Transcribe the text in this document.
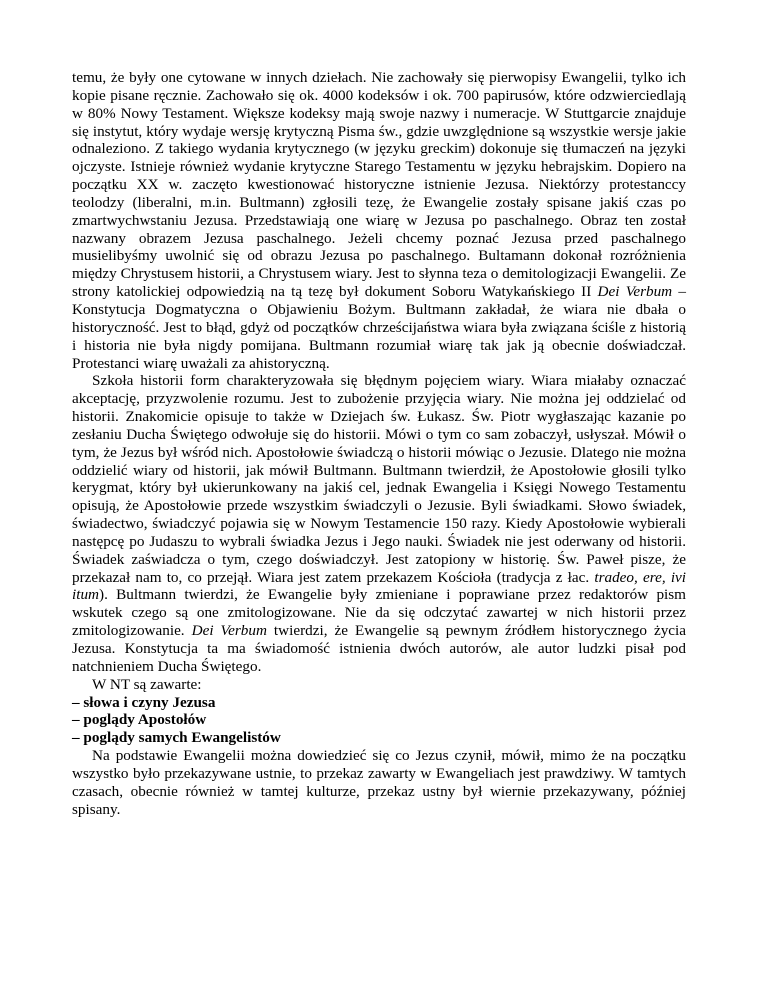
temu, że były one cytowane w innych dziełach. Nie zachowały się pierwopisy Ewangelii, tylko ich kopie pisane ręcznie. Zachowało się ok. 4000 kodeksów i ok. 700 papirusów, które odzwierciedlają w 80% Nowy Testament. Większe kodeksy mają swoje nazwy i numeracje. W Stuttgarcie znajduje się instytut, który wydaje wersję krytyczną Pisma św., gdzie uwzględnione są wszystkie wersje jakie odnaleziono. Z takiego wydania krytycznego (w języku greckim) dokonuje się tłumaczeń na języki ojczyste. Istnieje również wydanie krytyczne Starego Testamentu w języku hebrajskim. Dopiero na początku XX w. zaczęto kwestionować historyczne istnienie Jezusa. Niektórzy protestanccy teolodzy (liberalni, m.in. Bultmann) zgłosili tezę, że Ewangelie zostały spisane jakiś czas po zmartwychwstaniu Jezusa. Przedstawiają one wiarę w Jezusa po paschalnego. Obraz ten został nazwany obrazem Jezusa paschalnego. Jeżeli chcemy poznać Jezusa przed paschalnego musielibyśmy uwolnić się od obrazu Jezusa po paschalnego. Bultamann dokonał rozróżnienia między Chrystusem historii, a Chrystusem wiary. Jest to słynna teza o demitologizacji Ewangelii. Ze strony katolickiej odpowiedzią na tą tezę był dokument Soboru Watykańskiego II Dei Verbum – Konstytucja Dogmatyczna o Objawieniu Bożym. Bultmann zakładał, że wiara nie dbała o historyczność. Jest to błąd, gdyż od początków chrześcijaństwa wiara była związana ściśle z historią i historia nie była nigdy pomijana. Bultmann rozumiał wiarę tak jak ją obecnie doświadczał. Protestanci wiarę uważali za ahistoryczną.

Szkoła historii form charakteryzowała się błędnym pojęciem wiary. Wiara miałaby oznaczać akceptację, przyzwolenie rozumu. Jest to zubożenie przyjęcia wiary. Nie można jej oddzielać od historii. Znakomicie opisuje to także w Dziejach św. Łukasz. Św. Piotr wygłaszając kazanie po zesłaniu Ducha Świętego odwołuje się do historii. Mówi o tym co sam zobaczył, usłyszał. Mówił o tym, że Jezus był wśród nich. Apostołowie świadczą o historii mówiąc o Jezusie. Dlatego nie można oddzielić wiary od historii, jak mówił Bultmann. Bultmann twierdził, że Apostołowie głosili tylko kerygmat, który był ukierunkowany na jakiś cel, jednak Ewangelia i Księgi Nowego Testamentu opisują, że Apostołowie przede wszystkim świadczyli o Jezusie. Byli świadkami. Słowo świadek, świadectwo, świadczyć pojawia się w Nowym Testamencie 150 razy. Kiedy Apostołowie wybierali następcę po Judaszu to wybrali świadka Jezus i Jego nauki. Świadek nie jest oderwany od historii. Świadek zaświadcza o tym, czego doświadczył. Jest zatopiony w historię. Św. Paweł pisze, że przekazał nam to, co przejął. Wiara jest zatem przekazem Kościoła (tradycja z łac. tradeo, ere, ivi itum). Bultmann twierdzi, że Ewangelie były zmieniane i poprawiane przez redaktorów pism wskutek czego są one zmitologizowane. Nie da się odczytać zawartej w nich historii przez zmitologizowanie. Dei Verbum twierdzi, że Ewangelie są pewnym źródłem historycznego życia Jezusa. Konstytucja ta ma świadomość istnienia dwóch autorów, ale autor ludzki pisał pod natchnieniem Ducha Świętego.

W NT są zawarte:

– słowa i czyny Jezusa
– poglądy Apostołów
– poglądy samych Ewangelistów

Na podstawie Ewangelii można dowiedzieć się co Jezus czynił, mówił, mimo że na początku wszystko było przekazywane ustnie, to przekaz zawarty w Ewangeliach jest prawdziwy. W tamtych czasach, obecnie również w tamtej kulturze, przekaz ustny był wiernie przekazywany, później spisany.
